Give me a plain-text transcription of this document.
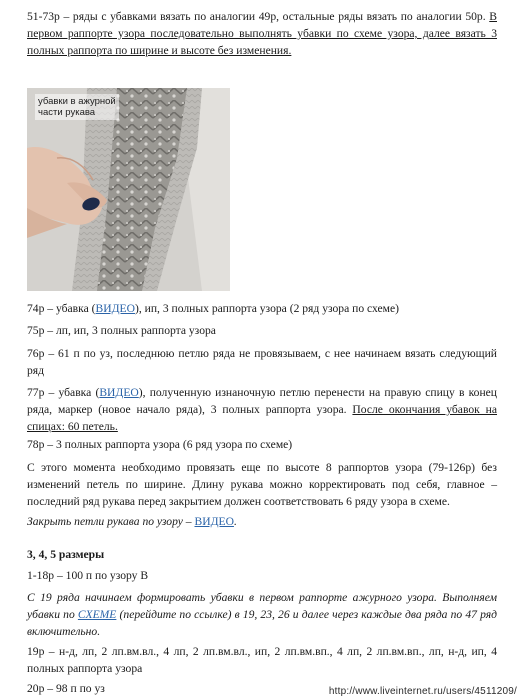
51-73р – ряды с убавками вязать по аналогии 49р, остальные ряды вязать по аналогии 50р. В первом раппорте узора последовательно выполнять убавки по схеме узора, далее вязать 3 полных раппорта по ширине и высоте без изменения.

убавки в ажурной
части рукава

74р – убавка (ВИДЕО), ип, 3 полных раппорта узора (2 ряд узора по схеме)

75р – лп, ип, 3 полных раппорта узора

76р – 61 п по уз, последнюю петлю ряда не провязываем, с нее начинаем вязать следующий ряд

77р – убавка (ВИДЕО), полученную изнаночную петлю перенести на правую спицу в конец ряда, маркер (новое начало ряда), 3 полных раппорта узора. После окончания убавок на спицах: 60 петель.

78р – 3 полных раппорта узора (6 ряд узора по схеме)

С этого момента необходимо провязать еще по высоте 8 раппортов узора (79-126р) без изменений петель по ширине. Длину рукава можно корректировать под себя, главное – последний ряд рукава перед закрытием должен соответствовать 6 ряду узора в схеме.

Закрыть петли рукава по узору – ВИДЕО.

3, 4, 5 размеры

1-18р – 100 п по узору В

С 19 ряда начинаем формировать убавки в первом раппорте ажурного узора. Выполняем убавки по СХЕМЕ (перейдите по ссылке) в 19, 23, 26 и далее через каждые два ряда по 47 ряд включительно.

19р – н-д, лп, 2 лп.вм.вл., 4 лп, 2 лп.вм.вл., ип, 2 лп.вм.вп., 4 лп, 2 лп.вм.вп., лп, н-д, ип, 4 полных раппорта узора

20р – 98 п по уз	http://www.liveinternet.ru/users/4511209/
